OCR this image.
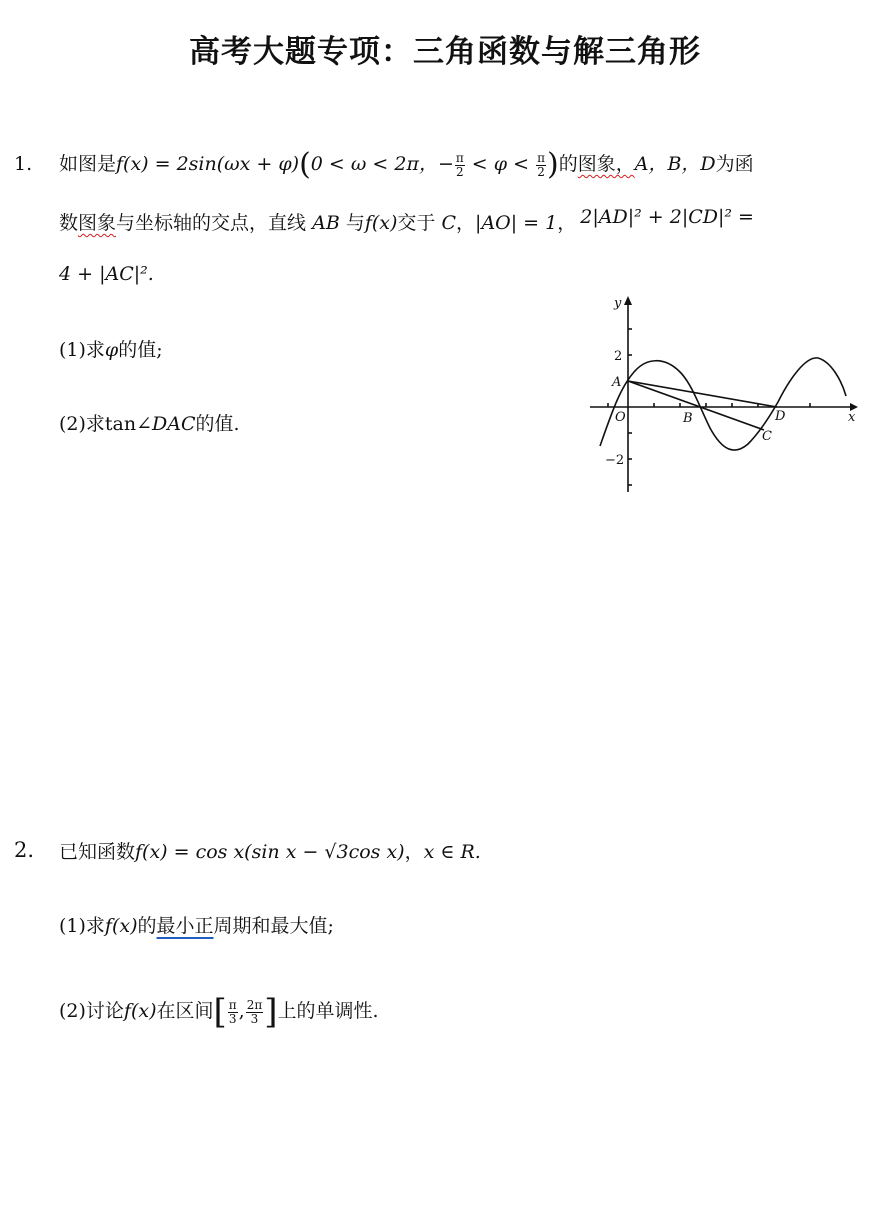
高考大题专项：三角函数与解三角形
1. 如图是f(x) = 2sin(ωx + φ)(0 < ω < 2π，− $\frac{\pi}{2} < \varphi < \frac{\pi}{2}$ )的图象，A，B，D为函
数图象与坐标轴的交点，直线 AB 与f(x)交于 C，|AO| = 1， 2|AD|² + 2|CD|² =
4 + |AC|².
(1)求φ的值;
(2)求tan∠DAC的值.
y
x
A
O	B
C
D
2
−2
2. 已知函数f(x) = cos x(sin x − √3cos x)，x ∈ R.
(1)求f(x)的最小正周期和最大值;
(2)讨论f(x)在区间[ $\frac{\pi}{3}$ , $\frac{2\pi}{3}$ ]上的单调性.
